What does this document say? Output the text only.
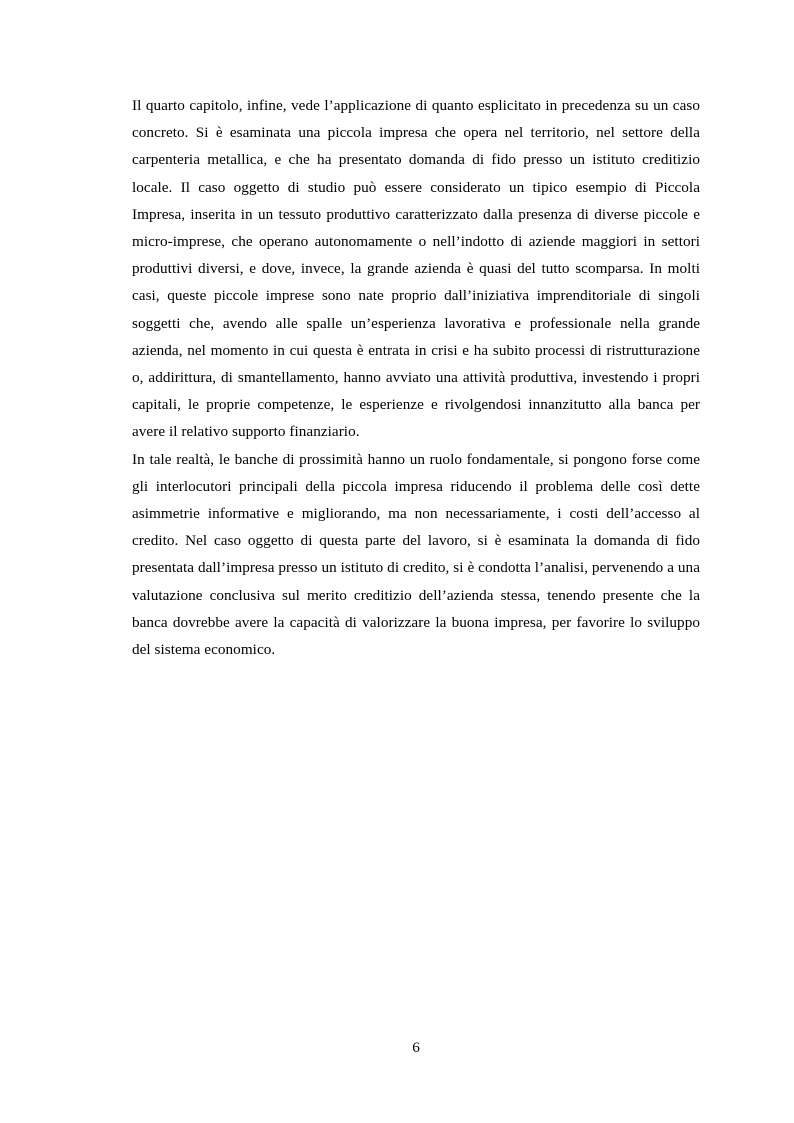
Il quarto capitolo, infine, vede l’applicazione di quanto esplicitato in precedenza su un caso concreto. Si è esaminata una piccola impresa che opera nel territorio, nel settore della carpenteria metallica, e che ha presentato domanda di fido presso un istituto creditizio locale. Il caso oggetto di studio può essere considerato un tipico esempio di Piccola Impresa, inserita in un tessuto produttivo caratterizzato dalla presenza di diverse piccole e micro-imprese, che operano autonomamente o nell’indotto di aziende maggiori in settori produttivi diversi, e dove, invece, la grande azienda è quasi del tutto scomparsa. In molti casi, queste piccole imprese sono nate proprio dall’iniziativa imprenditoriale di singoli soggetti che, avendo alle spalle un’esperienza lavorativa e professionale nella grande azienda, nel momento in cui questa è entrata in crisi e ha subito processi di ristrutturazione o, addirittura, di smantellamento, hanno avviato una attività produttiva, investendo i propri capitali, le proprie competenze, le esperienze e rivolgendosi innanzitutto alla banca per avere il relativo supporto finanziario.

In tale realtà, le banche di prossimità hanno un ruolo fondamentale, si pongono forse come gli interlocutori principali della piccola impresa riducendo il problema delle così dette asimmetrie informative e migliorando, ma non necessariamente, i costi dell’accesso al credito. Nel caso oggetto di questa parte del lavoro, si è esaminata la domanda di fido presentata dall’impresa presso un istituto di credito, si è condotta l’analisi, pervenendo a una valutazione conclusiva sul merito creditizio dell’azienda stessa, tenendo presente che la banca dovrebbe avere la capacità di valorizzare la buona impresa, per favorire lo sviluppo del sistema economico.

6
